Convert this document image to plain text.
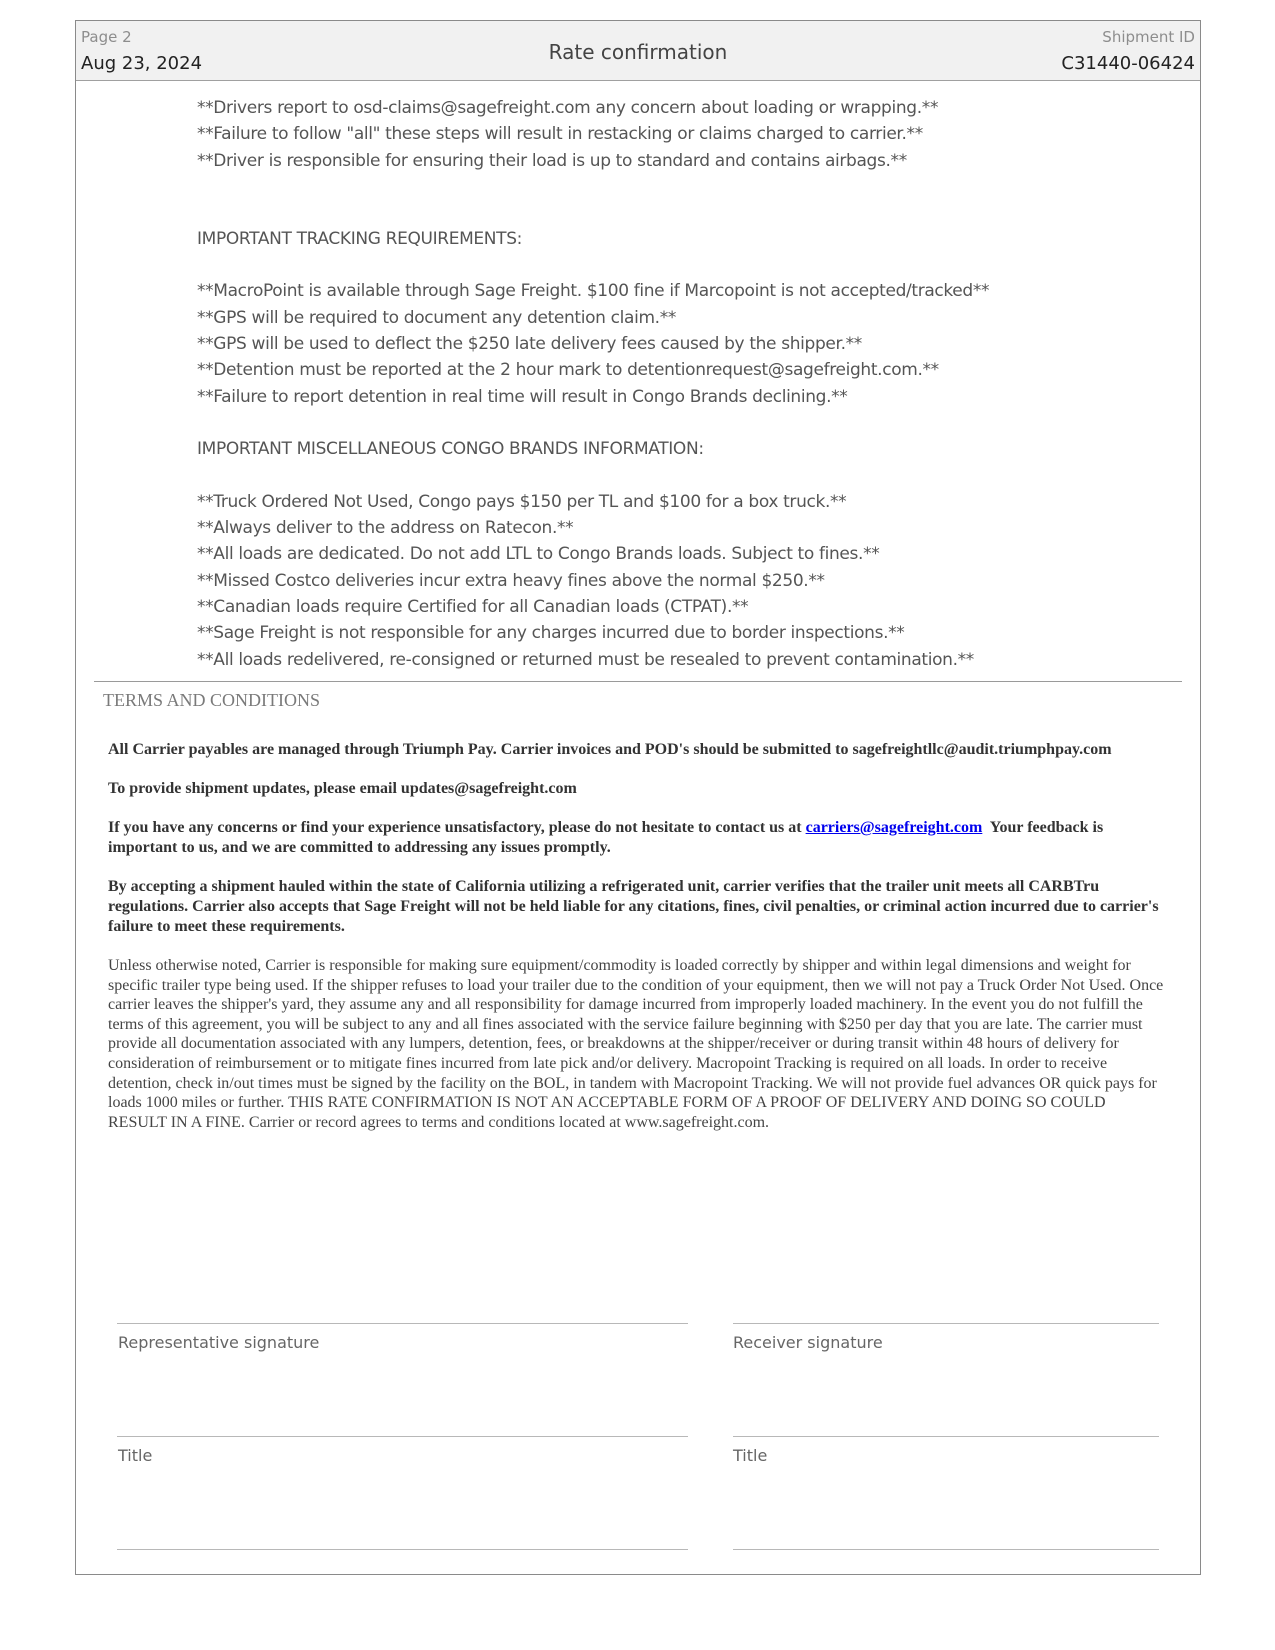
Page 2
Aug 23, 2024	Rate confirmation
Shipment ID
C31440-06424
**Drivers report to osd-claims@sagefreight.com any concern about loading or wrapping.**
**Failure to follow "all" these steps will result in restacking or claims charged to carrier.**
**Driver is responsible for ensuring their load is up to standard and contains airbags.**
IMPORTANT TRACKING REQUIREMENTS:
**MacroPoint is available through Sage Freight. $100 fine if Marcopoint is not accepted/tracked**
**GPS will be required to document any detention claim.**
**GPS will be used to deflect the $250 late delivery fees caused by the shipper.**
**Detention must be reported at the 2 hour mark to detentionrequest@sagefreight.com.**
**Failure to report detention in real time will result in Congo Brands declining.**
IMPORTANT MISCELLANEOUS CONGO BRANDS INFORMATION:
**Truck Ordered Not Used, Congo pays $150 per TL and $100 for a box truck.**
**Always deliver to the address on Ratecon.**
**All loads are dedicated. Do not add LTL to Congo Brands loads. Subject to fines.**
**Missed Costco deliveries incur extra heavy fines above the normal $250.**
**Canadian loads require Certified for all Canadian loads (CTPAT).**
**Sage Freight is not responsible for any charges incurred due to border inspections.**
**All loads redelivered, re-consigned or returned must be resealed to prevent contamination.**
TERMS AND CONDITIONS

All Carrier payables are managed through Triumph Pay. Carrier invoices and POD's should be submitted to sagefreightllc@audit.triumphpay.com

To provide shipment updates, please email updates@sagefreight.com

If you have any concerns or find your experience unsatisfactory, please do not hesitate to contact us at carriers@sagefreight.com  Your feedback is important to us, and we are committed to addressing any issues promptly.

By accepting a shipment hauled within the state of California utilizing a refrigerated unit, carrier verifies that the trailer unit meets all CARBTru regulations. Carrier also accepts that Sage Freight will not be held liable for any citations, fines, civil penalties, or criminal action incurred due to carrier's failure to meet these requirements.

Unless otherwise noted, Carrier is responsible for making sure equipment/commodity is loaded correctly by shipper and within legal dimensions and weight for specific trailer type being used. If the shipper refuses to load your trailer due to the condition of your equipment, then we will not pay a Truck Order Not Used. Once carrier leaves the shipper's yard, they assume any and all responsibility for damage incurred from improperly loaded machinery. In the event you do not fulfill the terms of this agreement, you will be subject to any and all fines associated with the service failure beginning with $250 per day that you are late. The carrier must provide all documentation associated with any lumpers, detention, fees, or breakdowns at the shipper/receiver or during transit within 48 hours of delivery for consideration of reimbursement or to mitigate fines incurred from late pick and/or delivery. Macropoint Tracking is required on all loads. In order to receive detention, check in/out times must be signed by the facility on the BOL, in tandem with Macropoint Tracking. We will not provide fuel advances OR quick pays for loads 1000 miles or further. THIS RATE CONFIRMATION IS NOT AN ACCEPTABLE FORM OF A PROOF OF DELIVERY AND DOING SO COULD RESULT IN A FINE. Carrier or record agrees to terms and conditions located at www.sagefreight.com.

Representative signature	Receiver signature
Title	Title
